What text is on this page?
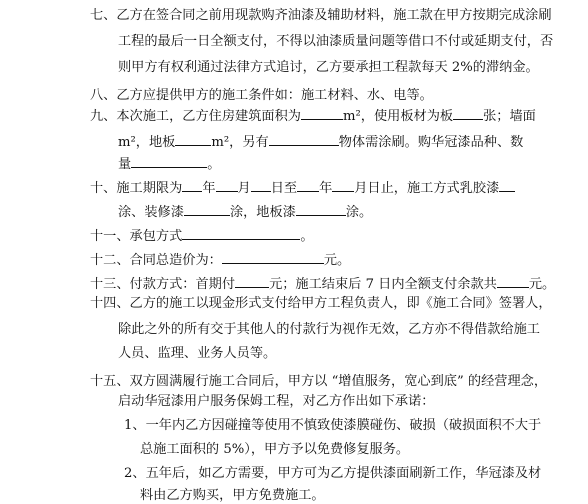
七、乙方在签合同之前用现款购齐油漆及辅助材料，施工款在甲方按期完成涂刷
工程的最后一日全额支付，不得以油漆质量问题等借口不付或延期支付，否
则甲方有权利通过法律方式追讨，乙方要承担工程款每天 2%的滞纳金。
八、乙方应提供甲方的施工条件如：施工材料、水、电等。
九、本次施工，乙方住房建筑面积为	m²，使用板材为板 张；墙面
m²，地板	m²，另有	物体需涂刷。购华冠漆品种、数
量	。
十、施工期限为 年 月 日至 年 月日止，施工方式乳胶漆
涂、装修漆	涂，地板漆	涂。
十一、承包方式	。
十二、合同总造价为：	元。
十三、付款方式：首期付	元；施工结束后 7 日内全额支付余款共 元。
十四、乙方的施工以现金形式支付给甲方工程负责人，即《施工合同》签署人，
除此之外的所有交于其他人的付款行为视作无效，乙方亦不得借款给施工
人员、监理、业务人员等。
十五、双方圆满履行施工合同后，甲方以 “增值服务，宽心到底” 的经营理念，
启动华冠漆用户服务保姆工程，对乙方作出如下承诺：
1、一年内乙方因碰撞等使用不慎致使漆膜碰伤、破损（破损面积不大于
总施工面积的 5%），甲方予以免费修复服务。
2、五年后，如乙方需要，甲方可为乙方提供漆面刷新工作，华冠漆及材
料由乙方购买，甲方免费施工。
